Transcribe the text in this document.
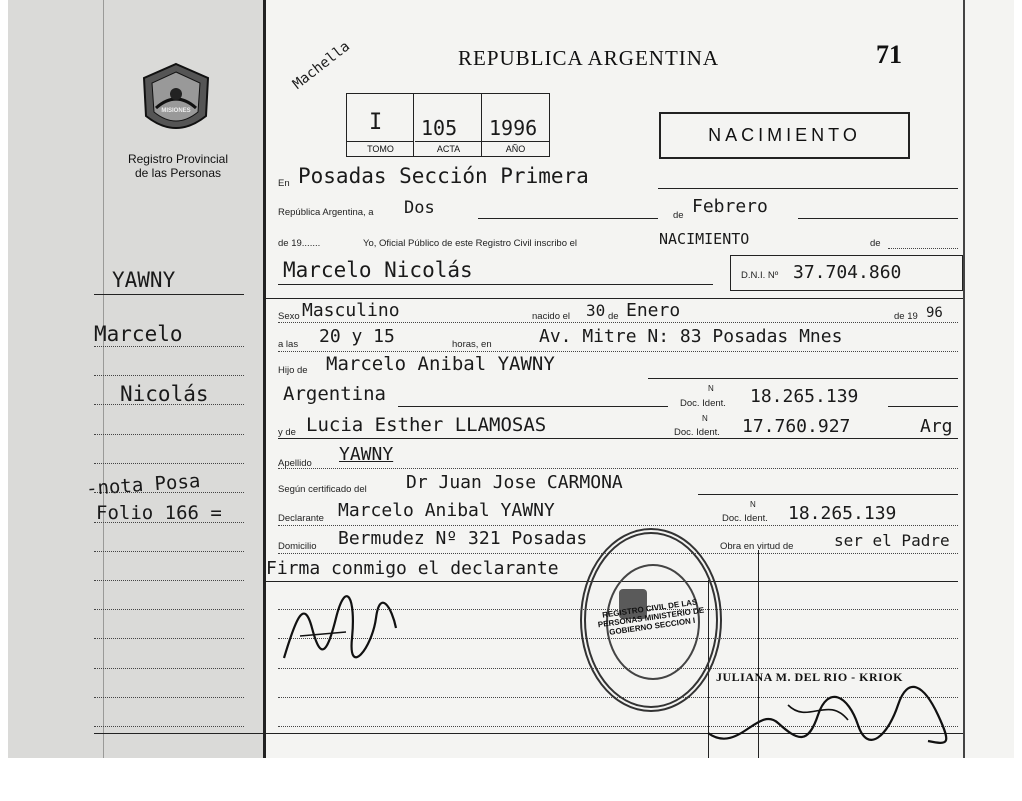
MISIONES
Registro Provincial
de las Personas
REPUBLICA ARGENTINA	71
Machella
I 105 1996
TOMO	ACTA	AÑO
NACIMIENTO
YAWNY
Marcelo
Nicolás
-nota Posa
Folio 166 =
En Posadas Sección Primera
República Argentina, a Dos	de Febrero
de 19.......	Yo, Oficial Público de este Registro Civil inscribo el	NACIMIENTO	de
Marcelo Nicolás	D.N.I. Nº 37.704.860
Sexo Masculino	nacido el 30 de Enero	de 19 96
a las 20 y 15	horas, en	Av. Mitre N: 83 Posadas Mnes
Hijo de Marcelo Anibal YAWNY
Argentina	Doc. Ident.
N 18.265.139
y de Lucia Esther LLAMOSAS	Doc. Ident.
N 17.760.927	Arg
Apellido YAWNY
Según certificado del Dr Juan Jose CARMONA
Declarante Marcelo Anibal YAWNY	Doc. Ident.
N 18.265.139
Domicilio Bermudez Nº 321 Posadas	Obra en virtud de	ser el Padre
Firma conmigo el declarante
REGISTRO CIVIL DE LAS PERSONAS MINISTERIO DE GOBIERNO SECCION I
JULIANA M. DEL RIO - KRIOK
